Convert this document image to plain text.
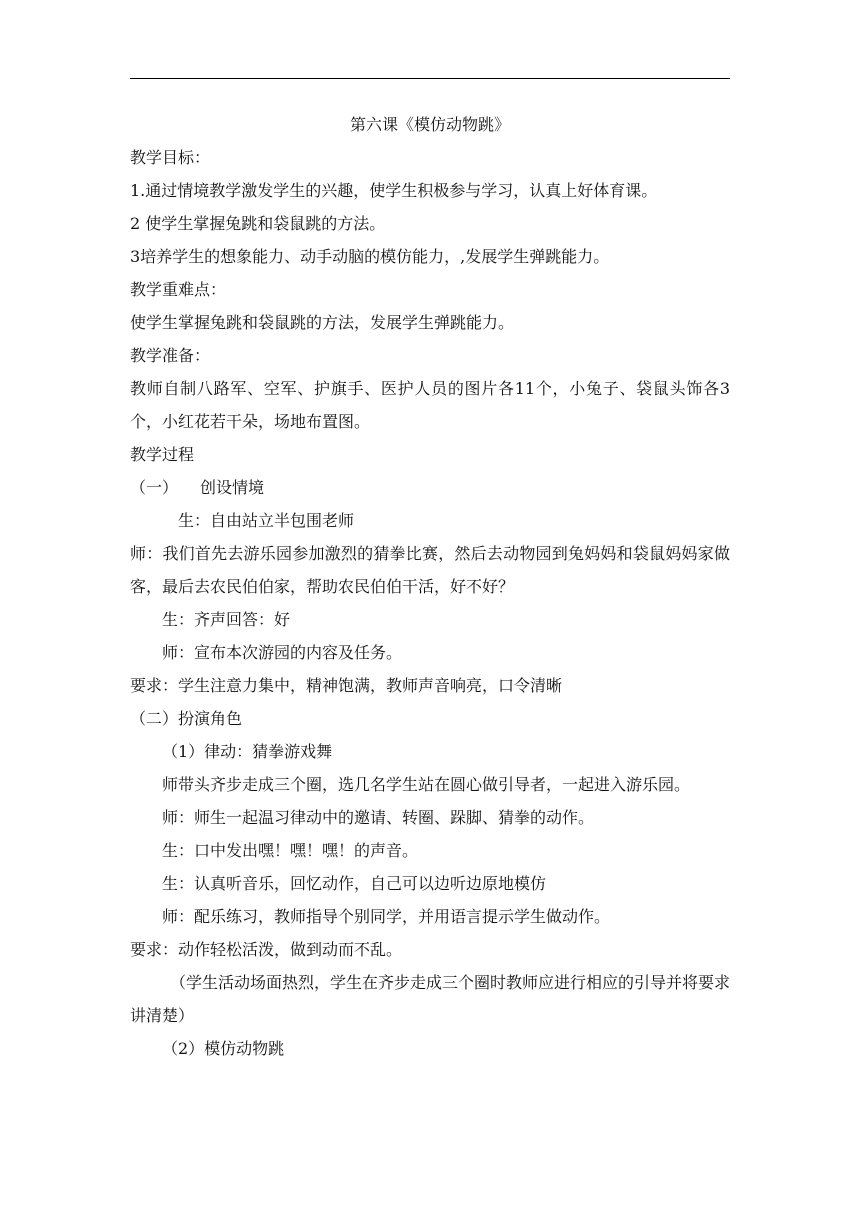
第六课《模仿动物跳》

教学目标：

1.通过情境教学激发学生的兴趣，使学生积极参与学习，认真上好体育课。

2 使学生掌握兔跳和袋鼠跳的方法。

3培养学生的想象能力、动手动脑的模仿能力，,发展学生弹跳能力。

教学重难点：

使学生掌握兔跳和袋鼠跳的方法，发展学生弹跳能力。

教学准备：

教师自制八路军、空军、护旗手、医护人员的图片各11个，小兔子、袋鼠头饰各3个，小红花若干朵，场地布置图。

教学过程

（一） 创设情境

生：自由站立半包围老师

师：我们首先去游乐园参加激烈的猜拳比赛，然后去动物园到兔妈妈和袋鼠妈妈家做客，最后去农民伯伯家，帮助农民伯伯干活，好不好？

生：齐声回答：好

师：宣布本次游园的内容及任务。

要求：学生注意力集中，精神饱满，教师声音响亮，口令清晰

（二）扮演角色

（1）律动：猜拳游戏舞

师带头齐步走成三个圈，选几名学生站在圆心做引导者，一起进入游乐园。

师：师生一起温习律动中的邀请、转圈、跺脚、猜拳的动作。

生：口中发出嘿！嘿！嘿！的声音。

生：认真听音乐，回忆动作，自己可以边听边原地模仿

师：配乐练习，教师指导个别同学，并用语言提示学生做动作。

要求：动作轻松活泼，做到动而不乱。

（学生活动场面热烈，学生在齐步走成三个圈时教师应进行相应的引导并将要求讲清楚）

（2）模仿动物跳
